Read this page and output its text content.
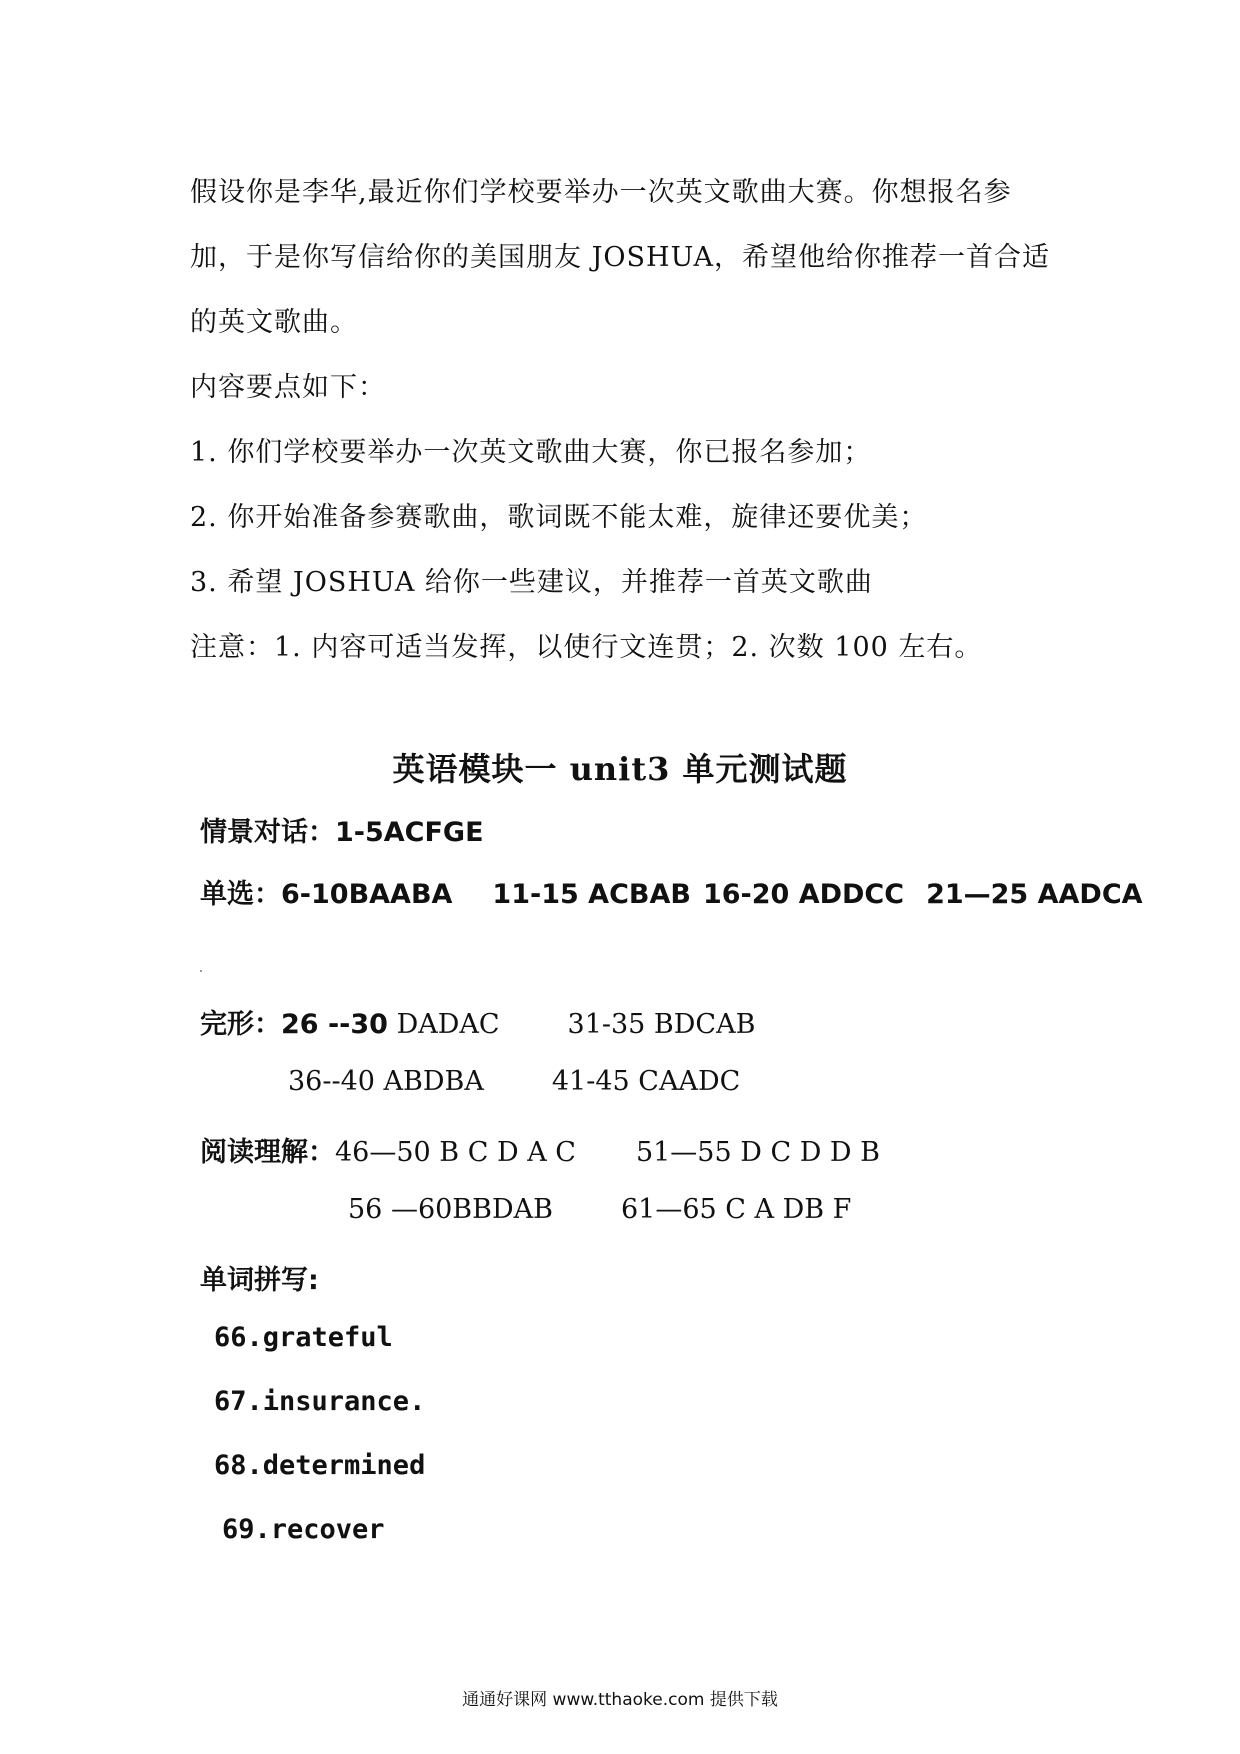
假设你是李华,最近你们学校要举办一次英文歌曲大赛。你想报名参

加，于是你写信给你的美国朋友 JOSHUA，希望他给你推荐一首合适

的英文歌曲。

内容要点如下：

1. 你们学校要举办一次英文歌曲大赛，你已报名参加；

2. 你开始准备参赛歌曲，歌词既不能太难，旋律还要优美；

3. 希望 JOSHUA 给你一些建议，并推荐一首英文歌曲

注意：1. 内容可适当发挥，以使行文连贯；2. 次数 100 左右。

英语模块一 unit3 单元测试题
情景对话：1-5ACFGE
单选：6-10BAABA 11-15 ACBAB 16-20 ADDCC 21—25 AADCA
完形：26 --30 DADAC	31-35 BDCAB
36--40 ABDBA	41-45 CAADC
阅读理解：46—50 B C D A C 51—55 D C D D B
56 —60BBDAB	61—65 C A DB F
单词拼写:
66.grateful
67.insurance.
68.determined
69.recover
通通好课网 www.tthaoke.com 提供下载
